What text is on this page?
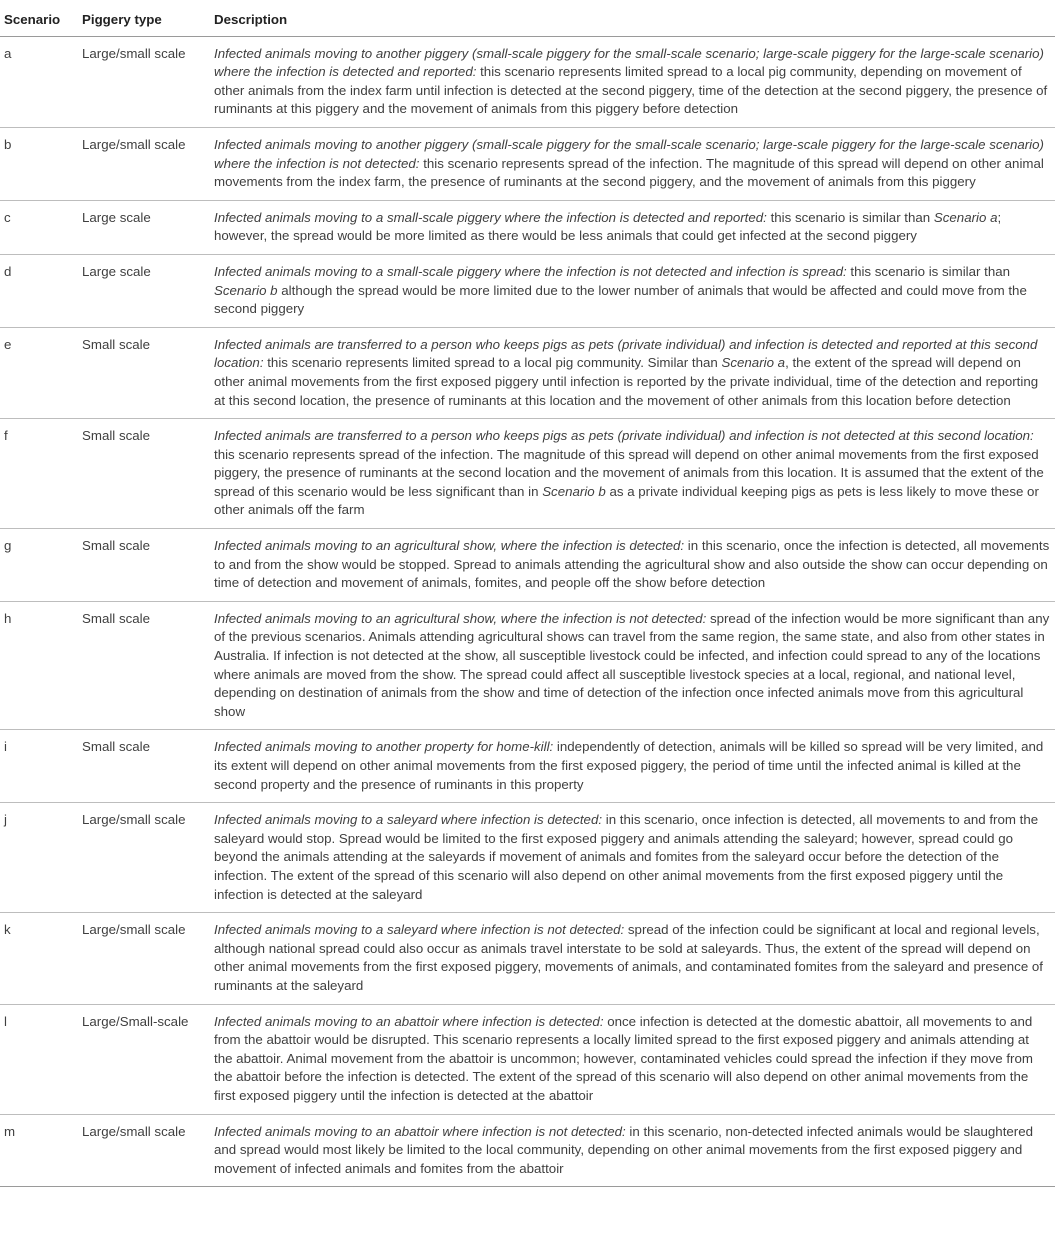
Scenario	Piggery type	Description
a	Large/small scale	Infected animals moving to another piggery (small-scale piggery for the small-scale scenario; large-scale piggery for the large-scale scenario) where the infection is detected and reported: this scenario represents limited spread to a local pig community, depending on movement of other animals from the index farm until infection is detected at the second piggery, time of the detection at the second piggery, the presence of ruminants at this piggery and the movement of animals from this piggery before detection
b	Large/small scale	Infected animals moving to another piggery (small-scale piggery for the small-scale scenario; large-scale piggery for the large-scale scenario) where the infection is not detected: this scenario represents spread of the infection. The magnitude of this spread will depend on other animal movements from the index farm, the presence of ruminants at the second piggery, and the movement of animals from this piggery
c	Large scale	Infected animals moving to a small-scale piggery where the infection is detected and reported: this scenario is similar than Scenario a; however, the spread would be more limited as there would be less animals that could get infected at the second piggery
d	Large scale	Infected animals moving to a small-scale piggery where the infection is not detected and infection is spread: this scenario is similar than Scenario b although the spread would be more limited due to the lower number of animals that would be affected and could move from the second piggery
e	Small scale	Infected animals are transferred to a person who keeps pigs as pets (private individual) and infection is detected and reported at this second location: this scenario represents limited spread to a local pig community. Similar than Scenario a, the extent of the spread will depend on other animal movements from the first exposed piggery until infection is reported by the private individual, time of the detection and reporting at this second location, the presence of ruminants at this location and the movement of other animals from this location before detection
f	Small scale	Infected animals are transferred to a person who keeps pigs as pets (private individual) and infection is not detected at this second location: this scenario represents spread of the infection. The magnitude of this spread will depend on other animal movements from the first exposed piggery, the presence of ruminants at the second location and the movement of animals from this location. It is assumed that the extent of the spread of this scenario would be less significant than in Scenario b as a private individual keeping pigs as pets is less likely to move these or other animals off the farm
g	Small scale	Infected animals moving to an agricultural show, where the infection is detected: in this scenario, once the infection is detected, all movements to and from the show would be stopped. Spread to animals attending the agricultural show and also outside the show can occur depending on time of detection and movement of animals, fomites, and people off the show before detection
h	Small scale	Infected animals moving to an agricultural show, where the infection is not detected: spread of the infection would be more significant than any of the previous scenarios. Animals attending agricultural shows can travel from the same region, the same state, and also from other states in Australia. If infection is not detected at the show, all susceptible livestock could be infected, and infection could spread to any of the locations where animals are moved from the show. The spread could affect all susceptible livestock species at a local, regional, and national level, depending on destination of animals from the show and time of detection of the infection once infected animals move from this agricultural show
i	Small scale	Infected animals moving to another property for home-kill: independently of detection, animals will be killed so spread will be very limited, and its extent will depend on other animal movements from the first exposed piggery, the period of time until the infected animal is killed at the second property and the presence of ruminants in this property
j	Large/small scale	Infected animals moving to a saleyard where infection is detected: in this scenario, once infection is detected, all movements to and from the saleyard would stop. Spread would be limited to the first exposed piggery and animals attending the saleyard; however, spread could go beyond the animals attending at the saleyards if movement of animals and fomites from the saleyard occur before the detection of the infection. The extent of the spread of this scenario will also depend on other animal movements from the first exposed piggery until the infection is detected at the saleyard
k	Large/small scale	Infected animals moving to a saleyard where infection is not detected: spread of the infection could be significant at local and regional levels, although national spread could also occur as animals travel interstate to be sold at saleyards. Thus, the extent of the spread will depend on other animal movements from the first exposed piggery, movements of animals, and contaminated fomites from the saleyard and presence of ruminants at the saleyard
l	Large/Small-scale	Infected animals moving to an abattoir where infection is detected: once infection is detected at the domestic abattoir, all movements to and from the abattoir would be disrupted. This scenario represents a locally limited spread to the first exposed piggery and animals attending at the abattoir. Animal movement from the abattoir is uncommon; however, contaminated vehicles could spread the infection if they move from the abattoir before the infection is detected. The extent of the spread of this scenario will also depend on other animal movements from the first exposed piggery until the infection is detected at the abattoir
m	Large/small scale	Infected animals moving to an abattoir where infection is not detected: in this scenario, non-detected infected animals would be slaughtered and spread would most likely be limited to the local community, depending on other animal movements from the first exposed piggery and movement of infected animals and fomites from the abattoir
